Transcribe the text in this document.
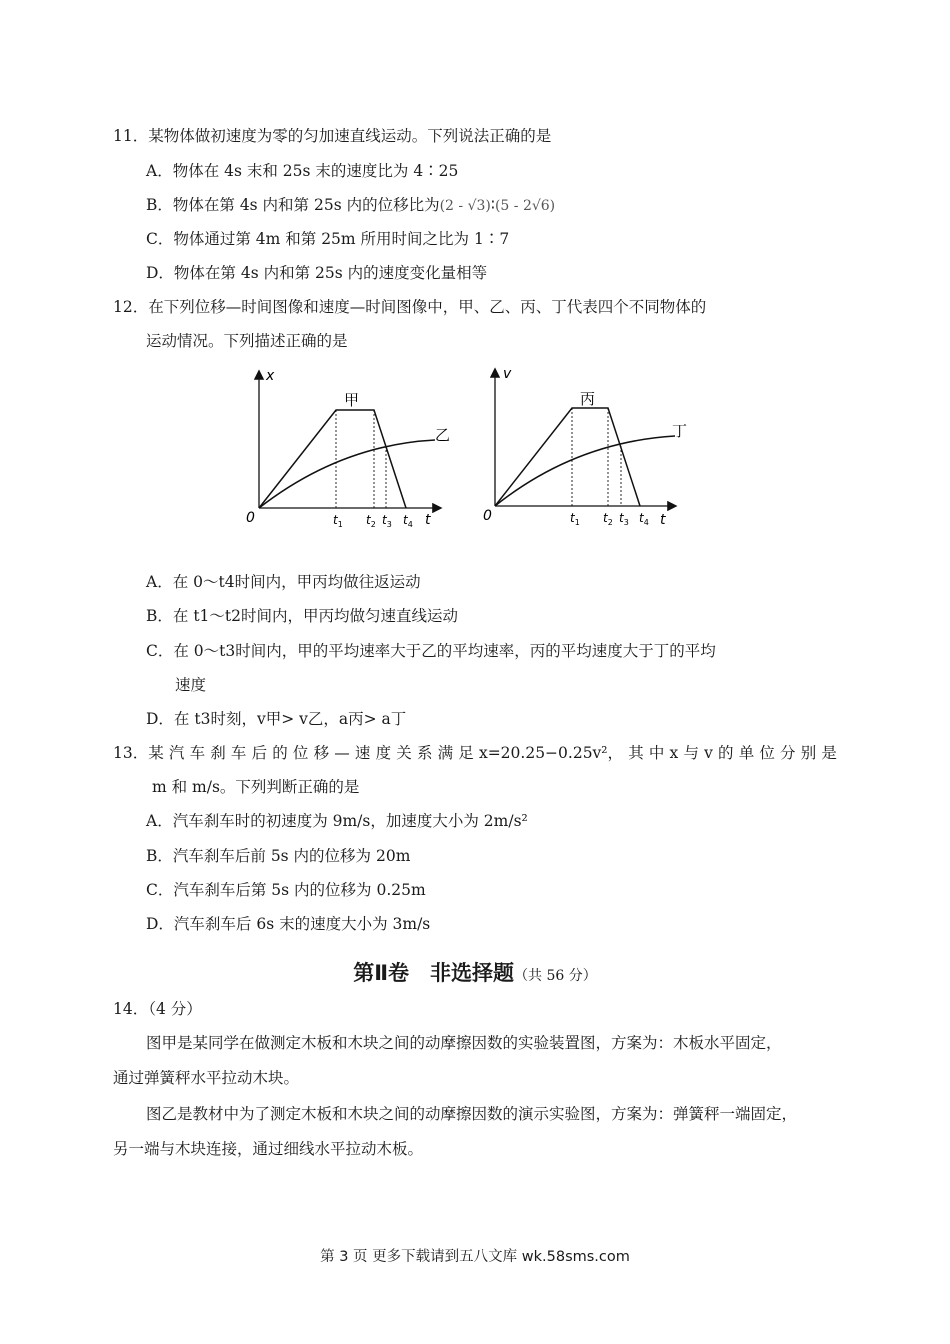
11．某物体做初速度为零的匀加速直线运动。下列说法正确的是
A．物体在 4s 末和 25s 末的速度比为 4∶25
B．物体在第 4s 内和第 25s 内的位移比为(2 - √3)∶(5 - 2√6)
C．物体通过第 4m 和第 25m 所用时间之比为 1∶7
D．物体在第 4s 内和第 25s 内的速度变化量相等
12．在下列位移—时间图像和速度—时间图像中，甲、乙、丙、丁代表四个不同物体的
运动情况。下列描述正确的是
x
0	t
甲
乙
$t_1$ $t_2$ $t_3$ $t_4$
v
0	t
丙
丁
$t_1$ $t_2$ $t_3$ $t_4$
A．在 0～t4时间内，甲丙均做往返运动
B．在 t1～t2时间内，甲丙均做匀速直线运动
C．在 0～t3时间内，甲的平均速率大于乙的平均速率，丙的平均速度大于丁的平均
速度
D．在 t3时刻，v甲> v乙，a丙> a丁
13．某 汽 车 刹 车 后 的 位 移 — 速 度 关 系 满 足 x=20.25−0.25v²， 其 中 x 与 v 的 单 位 分 别 是
m 和 m/s。下列判断正确的是
A．汽车刹车时的初速度为 9m/s，加速度大小为 2m/s²
B．汽车刹车后前 5s 内的位移为 20m
C．汽车刹车后第 5s 内的位移为 0.25m
D．汽车刹车后 6s 末的速度大小为 3m/s
第Ⅱ卷　非选择题（共 56 分）
14．（4 分）
图甲是某同学在做测定木板和木块之间的动摩擦因数的实验装置图，方案为：木板水平固定，
通过弹簧秤水平拉动木块。
图乙是教材中为了测定木板和木块之间的动摩擦因数的演示实验图，方案为：弹簧秤一端固定，
另一端与木块连接，通过细线水平拉动木板。
第 3 页 更多下载请到五八文库 wk.58sms.com
